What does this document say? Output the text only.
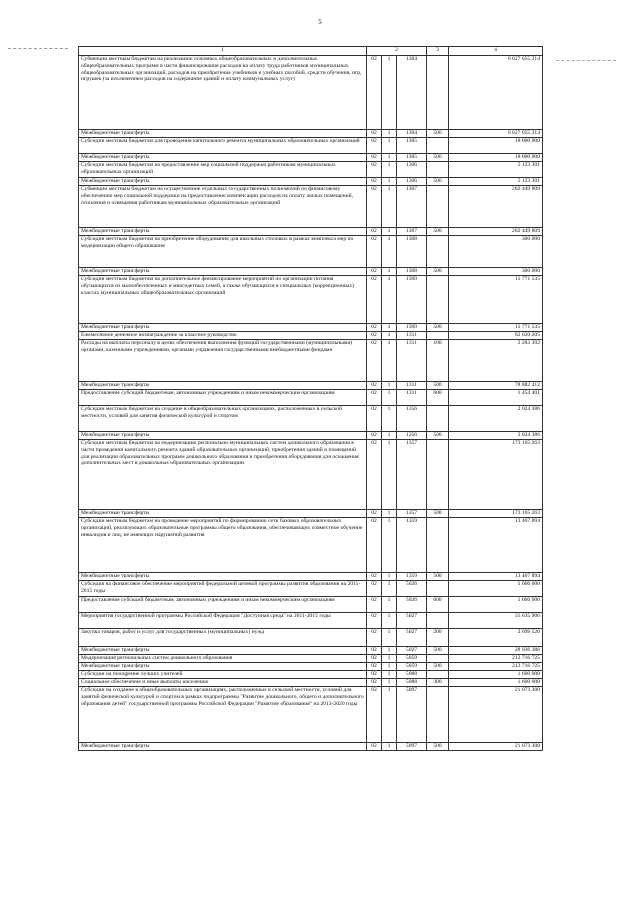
5
1	2			3	4
Субвенции местным бюджетам на реализацию основных общеобразовательных и дополнительных общеобразовательных программ в части финансирования расходов на оплату труда работников муниципальных общеобразовательных организаций, расходов на приобретение учебников и учебных пособий, средств обучения, игр, игрушек (за исключением расходов на содержание зданий и оплату коммунальных услуг)	02	1	1304		6 627 055 214
Межбюджетные трансферты	02	1	1304	500	6 627 055 214
Субсидии местным бюджетам для проведения капитального ремонта муниципальных образовательных организаций	02	1	1305		18 000 000
Межбюджетные трансферты	02	1	1305	500	18 000 000
Субсидии местным бюджетам на предоставление мер социальной поддержки работникам муниципальных образовательных организаций	02	1	1306		5 123 301
Межбюджетные трансферты	02	1	1306	500	5 123 301
Субвенции местным бюджетам на осуществление отдельных государственных полномочий по финансовому обеспечению мер социальной поддержки на предоставление компенсации расходов на оплату жилых помещений, отопления и освещения работникам муниципальных образовательных организаций	02	1	1307		282 449 809
Межбюджетные трансферты	02	1	1307	500	282 449 809
Субсидии местным бюджетам на приобретение оборудования для школьных столовых в рамках комплекса мер по модернизации общего образования	02	1	1308		300 000
Межбюджетные трансферты	02	1	1308	500	300 000
Субсидии местным бюджетам на дополнительное финансирование мероприятий по организации питания обучающихся из малообеспеченных и многодетных семей, а также обучающихся в специальных (коррекционных) классах муниципальных общеобразовательных организаций	02	1	1309		11 771 535
Межбюджетные трансферты	02	1	1309	500	11 771 535
Ежемесячное денежное вознаграждение за классное руководство	02	1	1311		82 620 205
Расходы на выплаты персоналу в целях обеспечения выполнения функций государственными (муниципальными) органами, казенными учреждениями, органами управления государственными внебюджетными фондами	02	1	1311	100	2 283 392
Межбюджетные трансферты	02	1	1311	500	78 882 412
Предоставление субсидий бюджетным, автономным учреждениям и иным некоммерческим организациям	02	1	1311	600	1 454 401
Субсидии местным бюджетам на создание в общеобразовательных организациях, расположенных в сельской местности, условий для занятия физической культурой и спортом	02	1	1356		2 024 386
Межбюджетные трансферты	02	1	1356	500	2 024 386
Субсидии местным бюджетам на модернизацию регионально-муниципальных систем дошкольного образования в части проведения капитального ремонта зданий образовательных организаций, приобретения зданий и помещений для реализации образовательных программ дошкольного образования и приобретения оборудования для оснащения дополнительных мест в дошкольных образовательных организациях	02	1	1357		173 165 263
Межбюджетные трансферты	02	1	1357	500	173 165 263
Субсидии местным бюджетам на проведение мероприятий по формированию сети базовых образовательных организаций, реализующих образовательные программы общего образования, обеспечивающих совместное обучение инвалидов и лиц, не имеющих нарушений развития	02	1	1359		13 467 894
Межбюджетные трансферты	02	1	1359	500	13 467 894
Субсидия на финансовое обеспечение мероприятий федеральной целевой программы развития образования на 2011-2015 годы	02	1	5026		1 006 000
Предоставление субсидий бюджетным, автономным учреждениям и иным некоммерческим организациям	02	1	5026	600	1 006 000
Мероприятия государственной программы Российской Федерации "Доступная среда" на 2011-2015 годы	02	1	5027		31 635 906
Закупка товаров, работ и услуг для государственных (муниципальных) нужд	02	1	5027	200	2 699 520
Межбюджетные трансферты	02	1	5027	500	28 936 386
Модернизация региональных систем дошкольного образования	02	1	5059		213 716 725
Межбюджетные трансферты	02	1	5059	500	213 716 725
Субсидии на поощрение лучших учителей	02	1	5088		1 600 000
Социальное обеспечение и иные выплаты населению	02	1	5088	300	1 600 000
Субсидии на создание в общеобразовательных организациях, расположенных в сельской местности, условий для занятий физической культурой и спортом в рамках подпрограммы "Развитие дошкольного, общего и дополнительного образования детей" государственной программы Российской Федерации "Развитие образования" на 2013-2020 годы	02	1	5097		21 073 300
Межбюджетные трансферты	02	1	5097	500	21 073 300
